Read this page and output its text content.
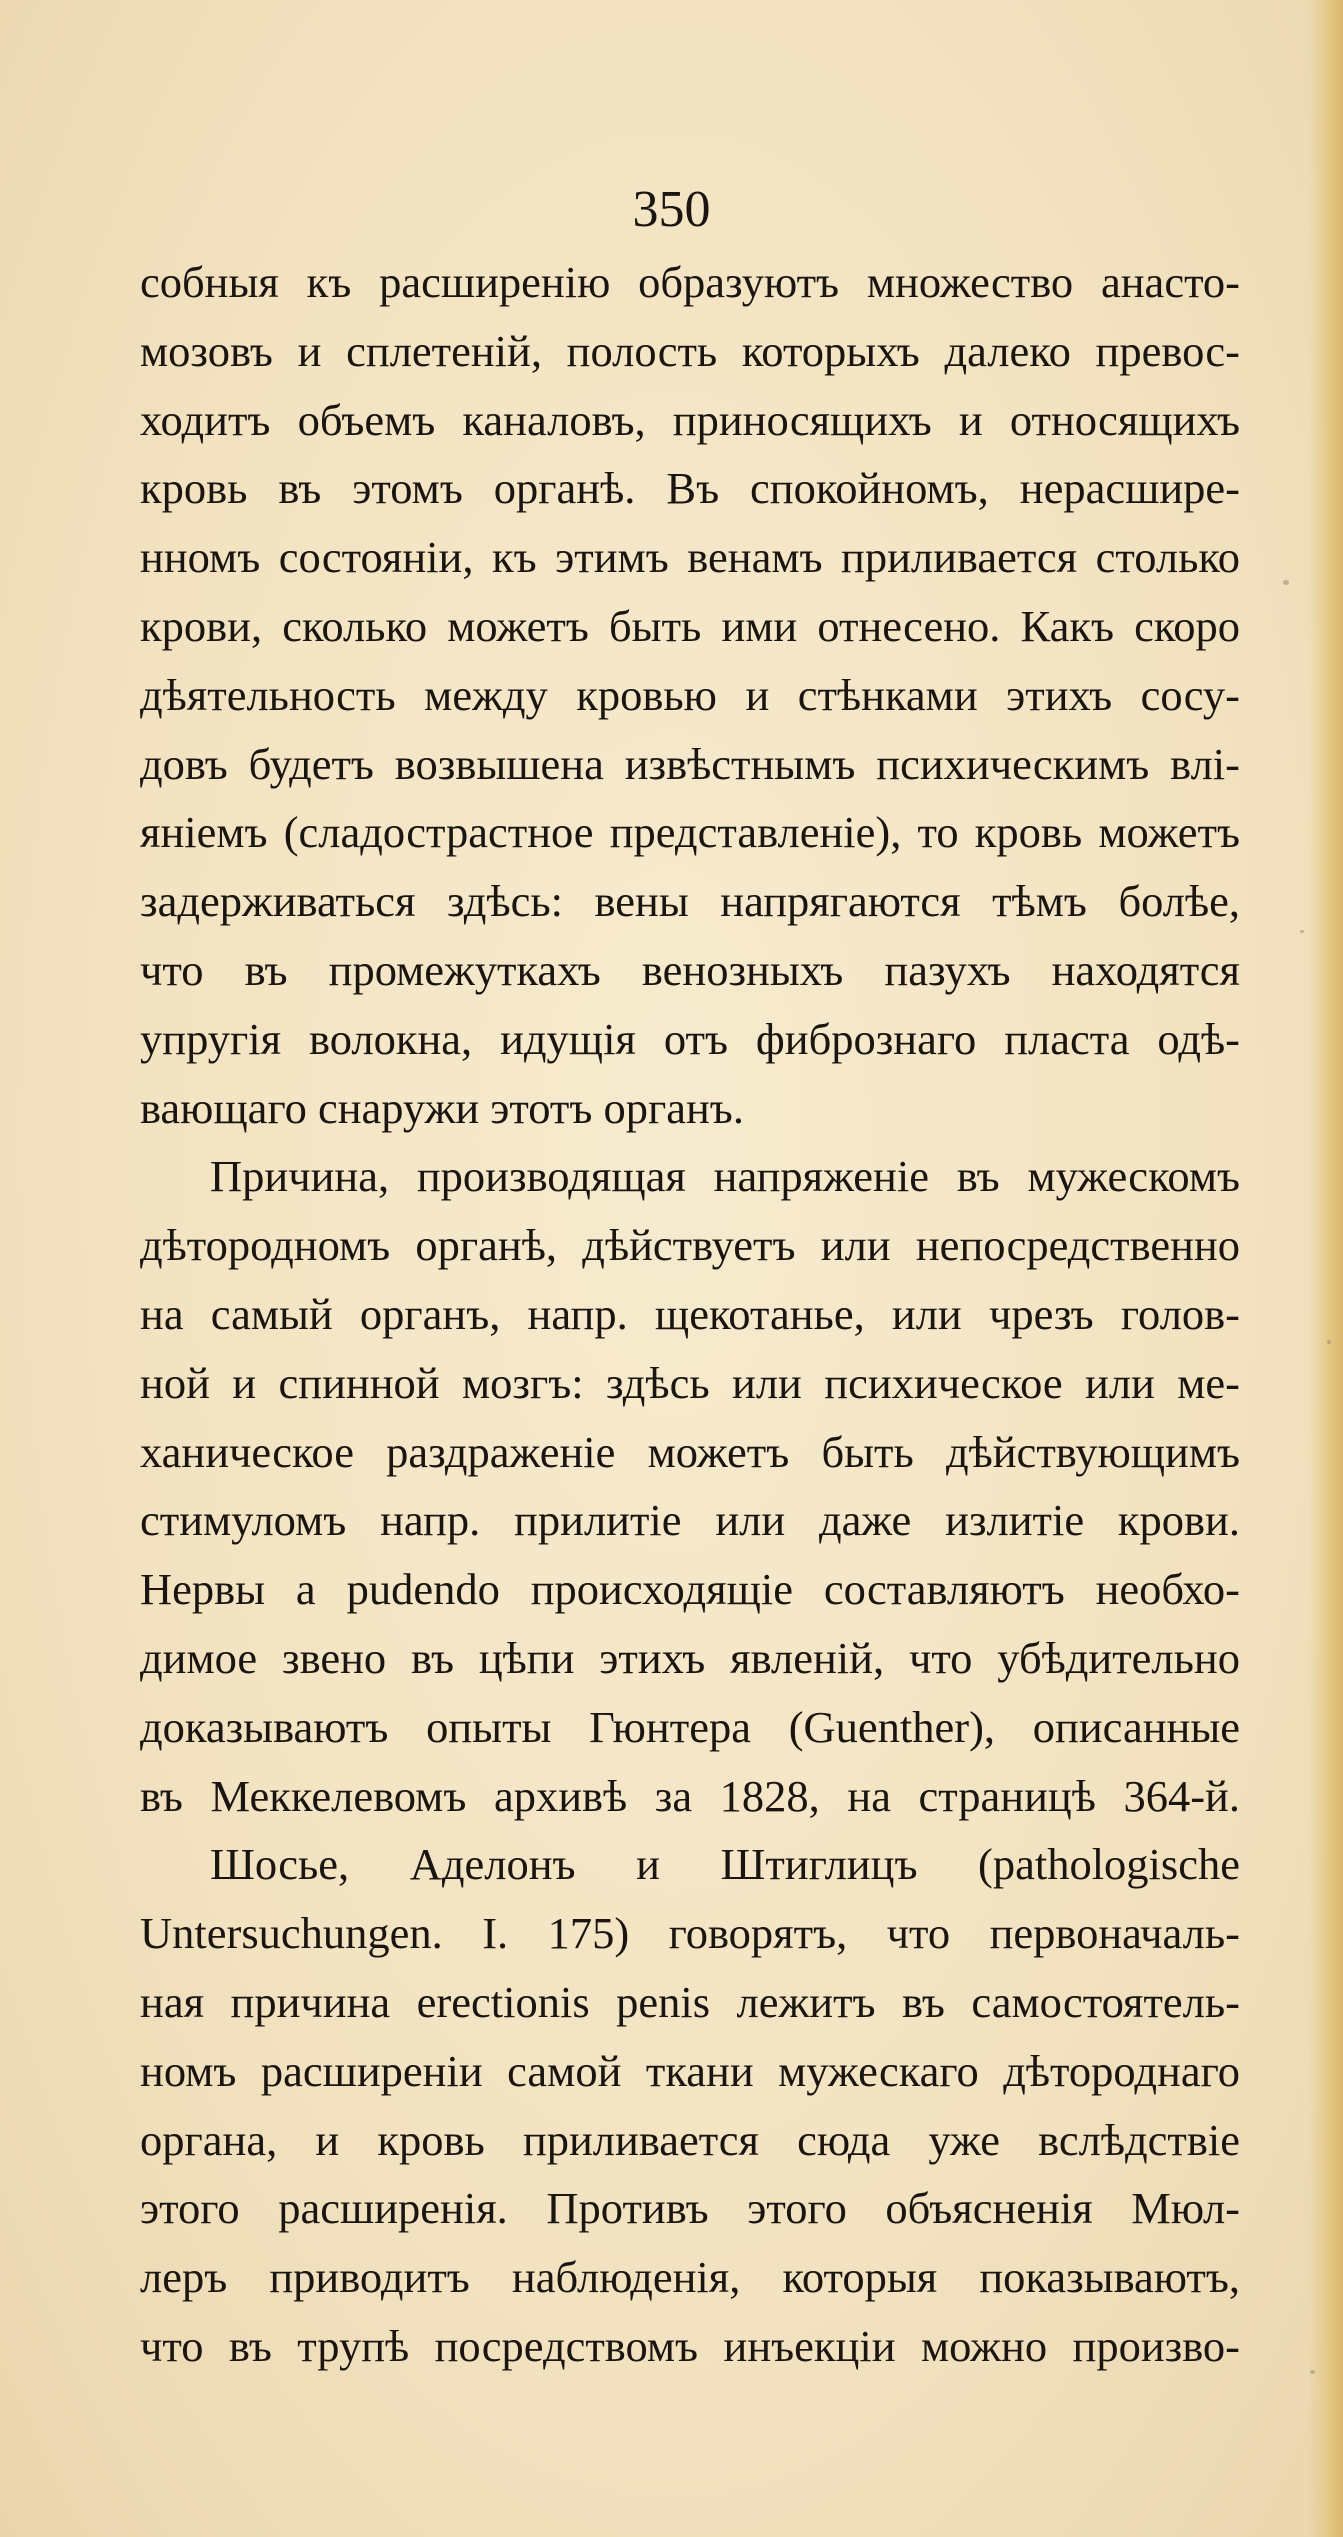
350
собныя къ расширенію образуютъ множество анасто-
мозовъ и сплетеній, полость которыхъ далеко превос-
ходитъ объемъ каналовъ, приносящихъ и относящихъ
кровь въ этомъ органѣ. Въ спокойномъ, нерасшире-
нномъ состояніи, къ этимъ венамъ приливается столько
крови, сколько можетъ быть ими отнесено. Какъ скоро
дѣятельность между кровью и стѣнками этихъ сосу-
довъ будетъ возвышена извѣстнымъ психическимъ влі-
яніемъ (сладострастное представленіе), то кровь можетъ
задерживаться здѣсь: вены напрягаются тѣмъ болѣе,
что въ промежуткахъ венозныхъ пазухъ находятся
упругія волокна, идущія отъ фибрознаго пласта одѣ-
вающаго снаружи этотъ органъ.
Причина, производящая напряженіе въ мужескомъ
дѣтородномъ органѣ, дѣйствуетъ или непосредственно
на самый органъ, напр. щекотанье, или чрезъ голов-
ной и спинной мозгъ: здѣсь или психическое или ме-
ханическое раздраженіе можетъ быть дѣйствующимъ
стимуломъ напр. прилитіе или даже излитіе крови.
Нервы a pudendo происходящіе составляютъ необхо-
димое звено въ цѣпи этихъ явленій, что убѣдительно
доказываютъ опыты Гюнтера (Guenther), описанные
въ Меккелевомъ архивѣ за 1828, на страницѣ 364-й.
Шосье, Аделонъ и Штиглицъ (pathologische
Untersuchungen. I. 175) говорятъ, что первоначаль-
ная причина erectionis penis лежитъ въ самостоятель-
номъ расширеніи самой ткани мужескаго дѣтороднаго
органа, и кровь приливается сюда уже вслѣдствіе
этого расширенія. Противъ этого объясненія Мюл-
леръ приводитъ наблюденія, которыя показываютъ,
что въ трупѣ посредствомъ инъекціи можно произво-
